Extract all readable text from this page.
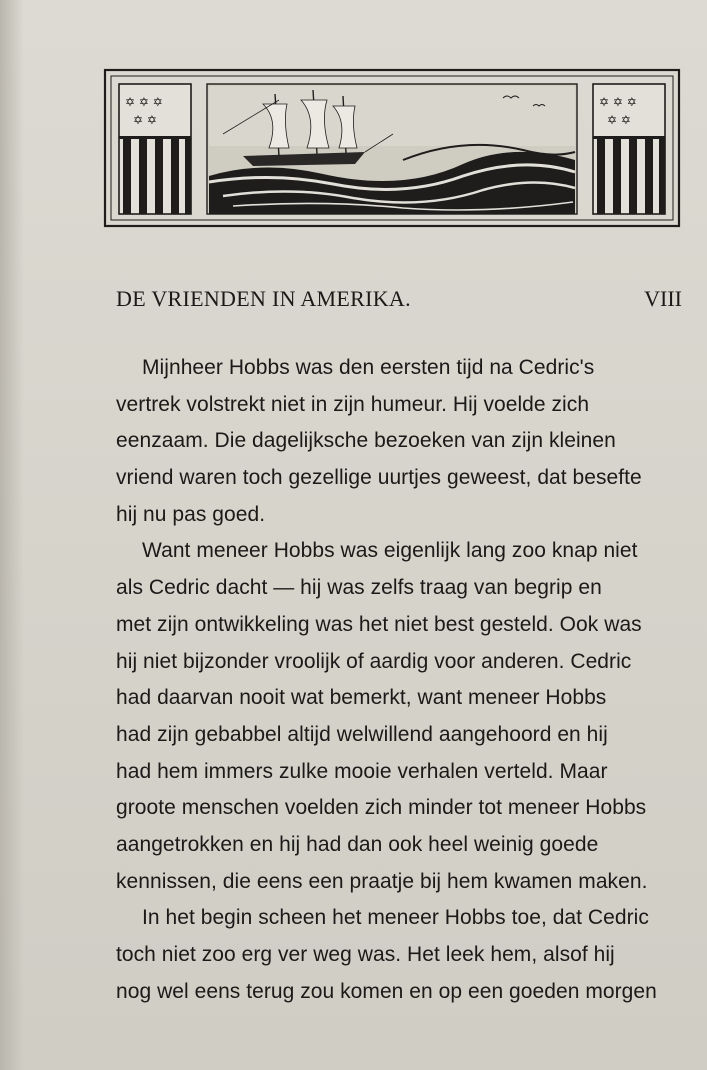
✡ ✡ ✡
✡ ✡
✡ ✡ ✡
✡ ✡
DE VRIENDEN IN AMERIKA.	VIII
Mijnheer Hobbs was den eersten tijd na Cedric's
vertrek volstrekt niet in zijn humeur. Hij voelde zich
eenzaam. Die dagelijksche bezoeken van zijn kleinen
vriend waren toch gezellige uurtjes geweest, dat besefte
hij nu pas goed.
Want meneer Hobbs was eigenlijk lang zoo knap niet
als Cedric dacht — hij was zelfs traag van begrip en
met zijn ontwikkeling was het niet best gesteld. Ook was
hij niet bijzonder vroolijk of aardig voor anderen. Cedric
had daarvan nooit wat bemerkt, want meneer Hobbs
had zijn gebabbel altijd welwillend aangehoord en hij
had hem immers zulke mooie verhalen verteld. Maar
groote menschen voelden zich minder tot meneer Hobbs
aangetrokken en hij had dan ook heel weinig goede
kennissen, die eens een praatje bij hem kwamen maken.
In het begin scheen het meneer Hobbs toe, dat Cedric
toch niet zoo erg ver weg was. Het leek hem, alsof hij
nog wel eens terug zou komen en op een goeden morgen
